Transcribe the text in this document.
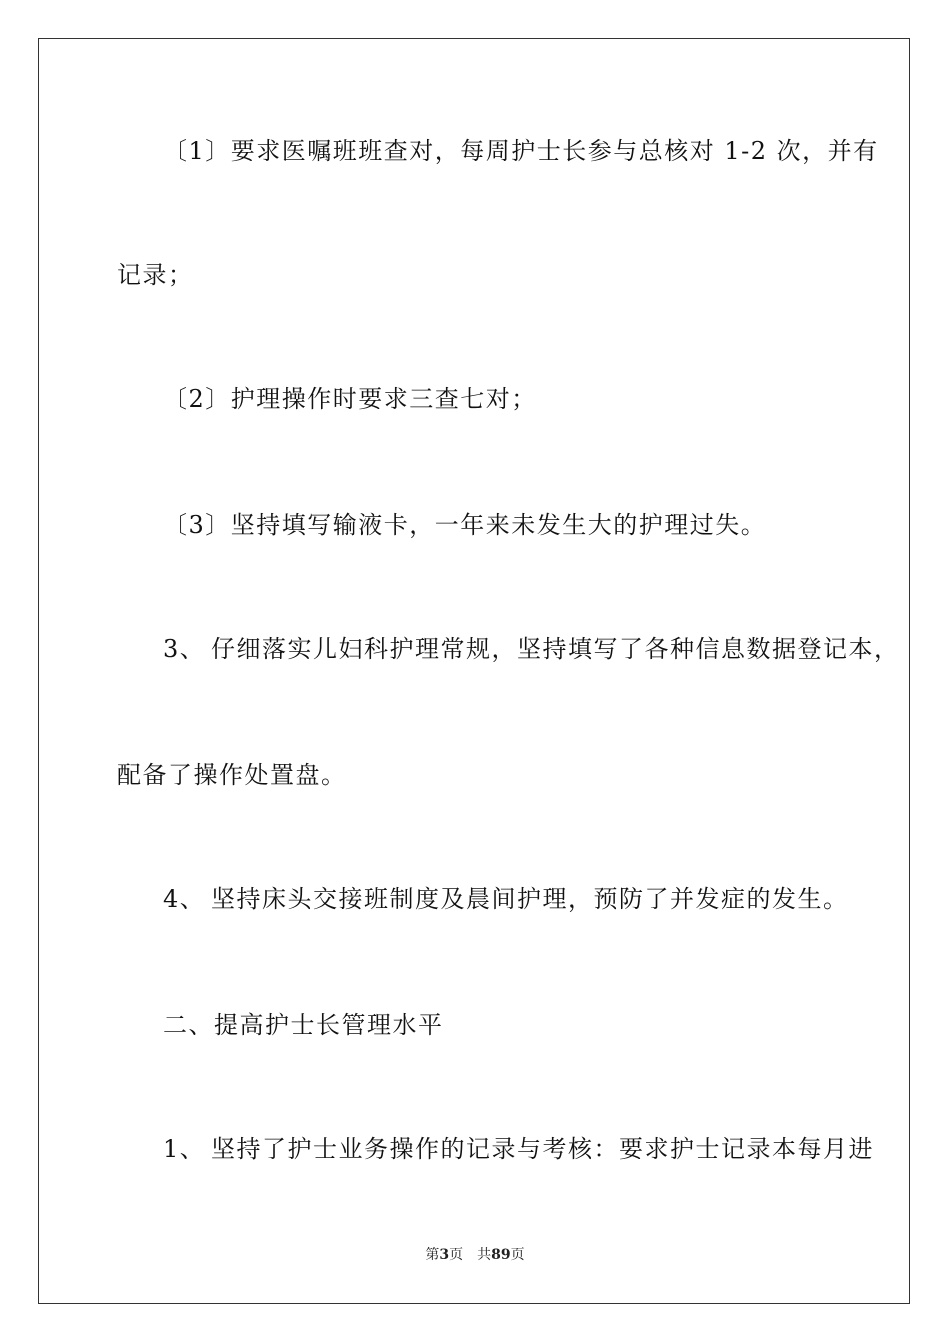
〔1〕要求医嘱班班查对，每周护士长参与总核对 1-2 次，并有
记录；
〔2〕护理操作时要求三查七对；
〔3〕坚持填写输液卡，一年来未发生大的护理过失。
3、 仔细落实儿妇科护理常规，坚持填写了各种信息数据登记本，
配备了操作处置盘。
4、 坚持床头交接班制度及晨间护理，预防了并发症的发生。
二、提高护士长管理水平
1、 坚持了护士业务操作的记录与考核：要求护士记录本每月进
第3页 共89页
